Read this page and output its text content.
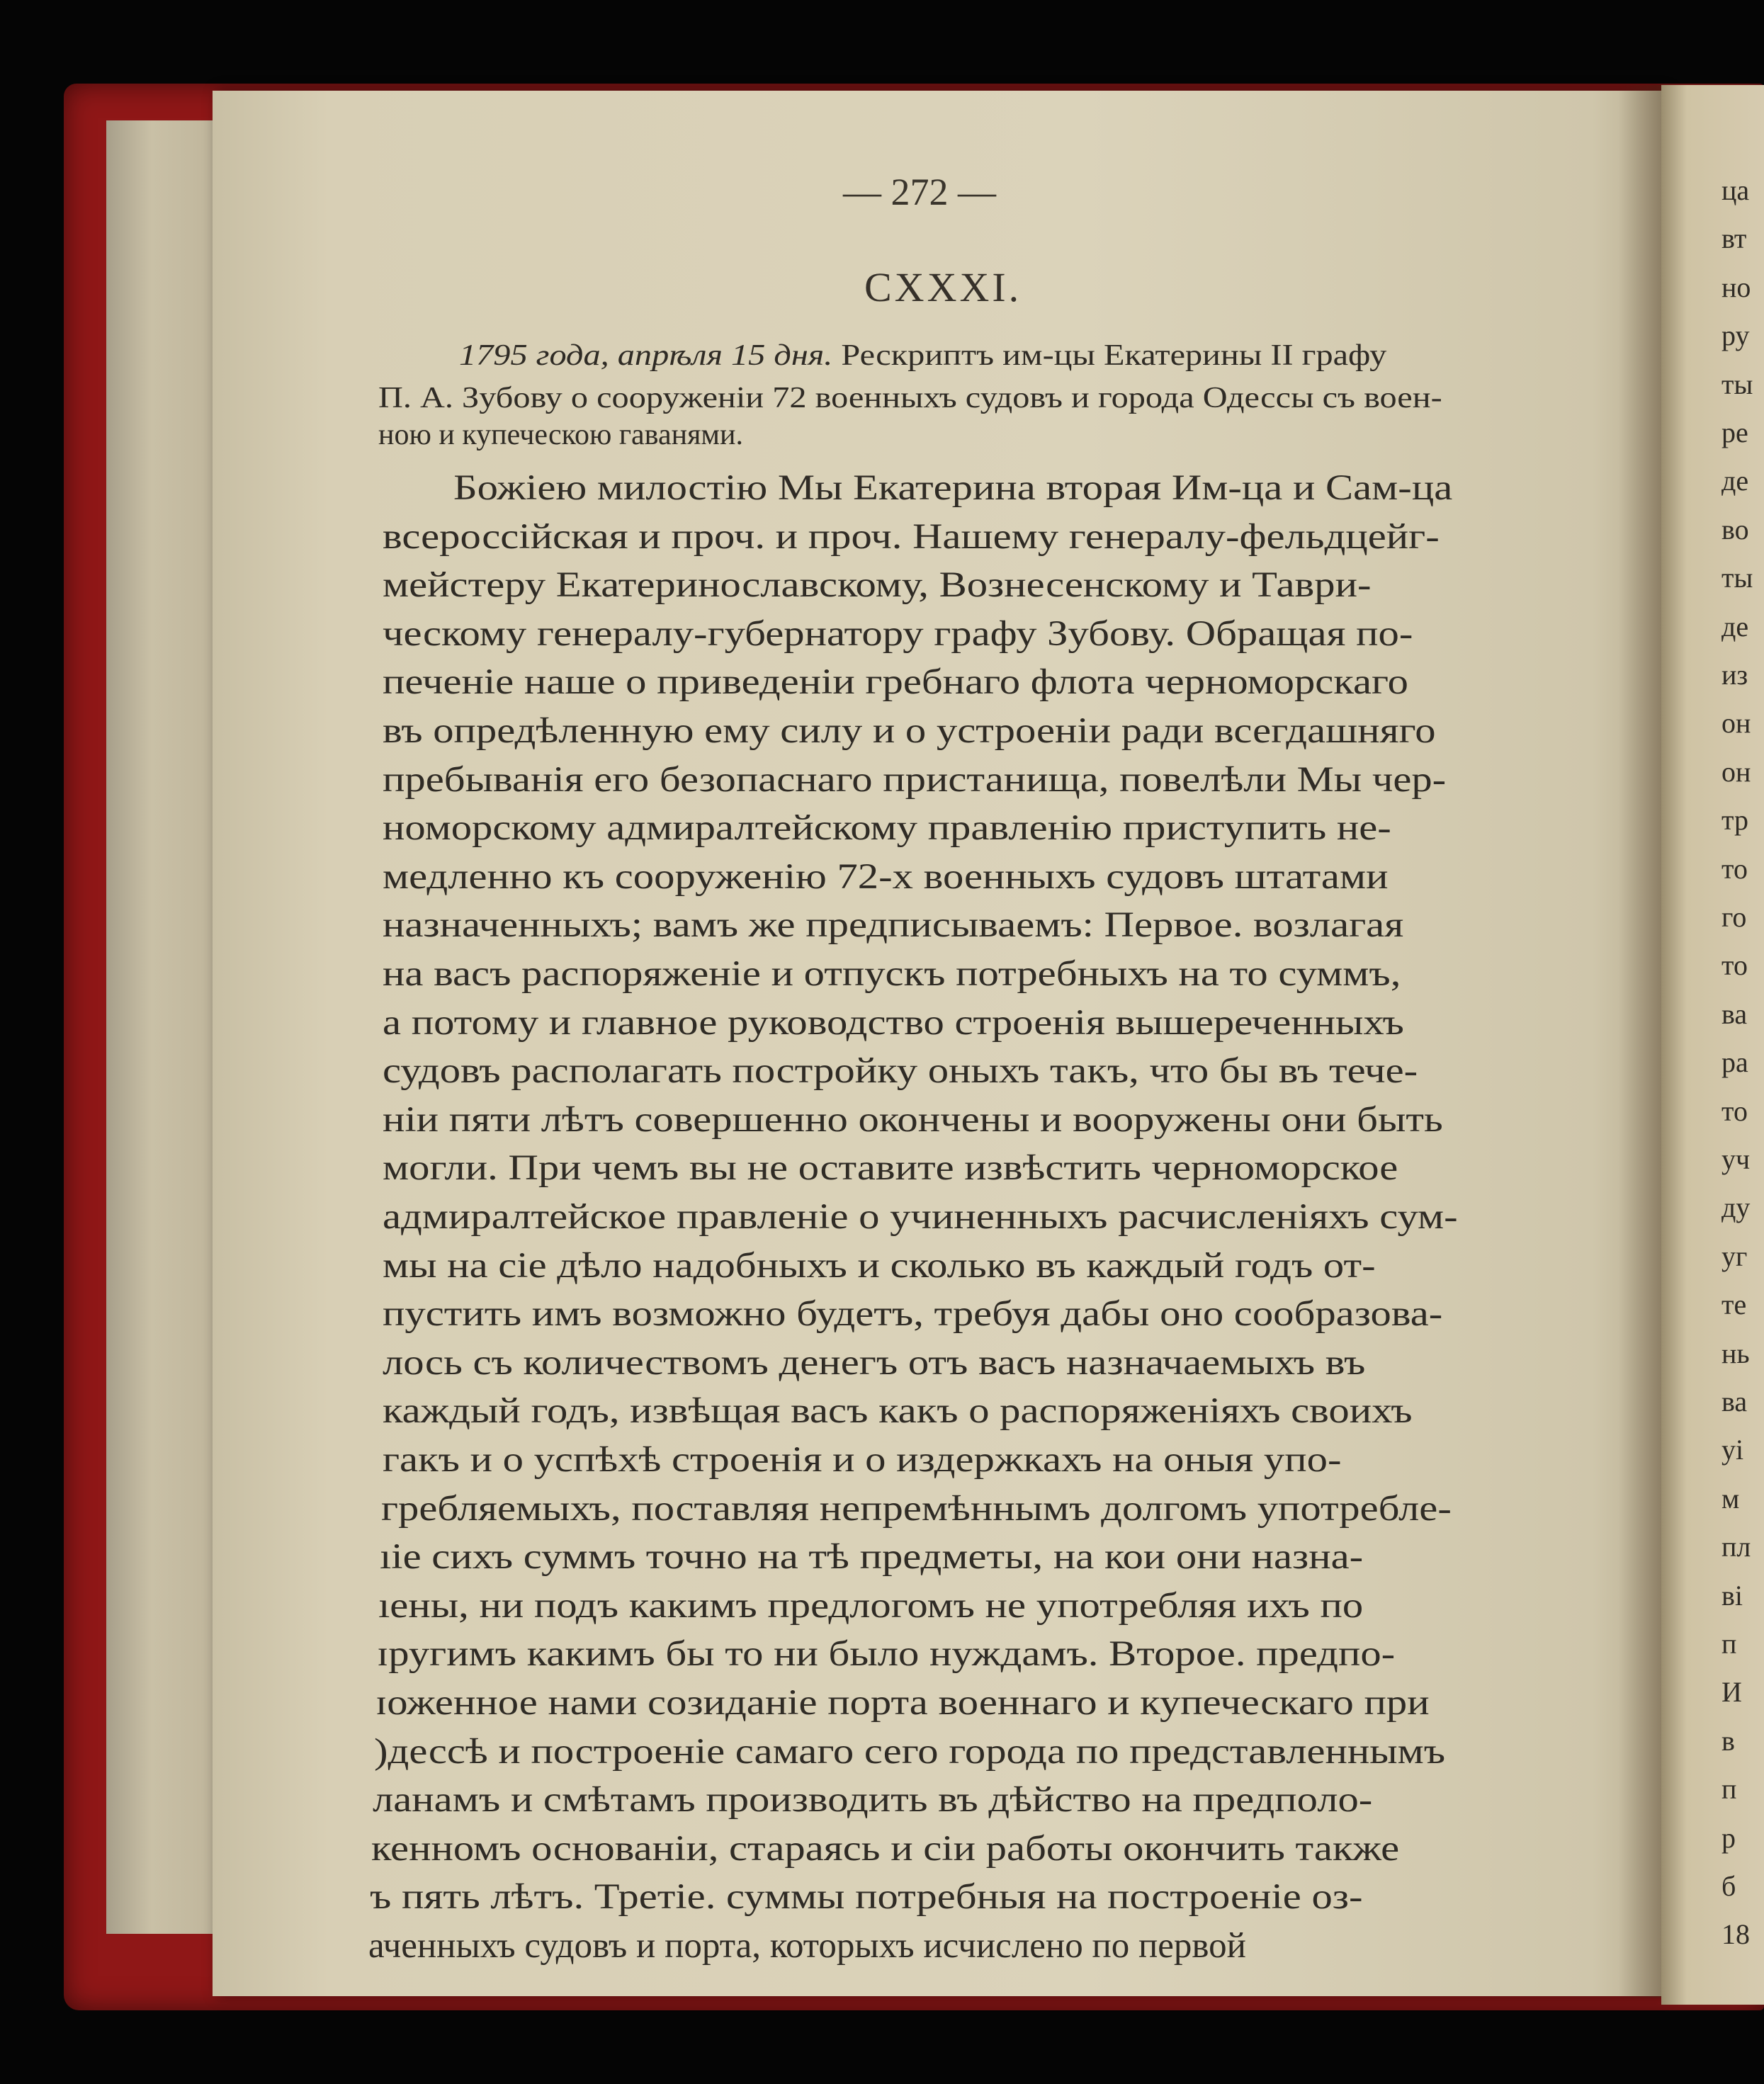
— 272 —
CXXXI.
1795 года, апрѣля 15 дня. Рескриптъ им-цы Екатерины II графу
П. А. Зубову о сооруженіи 72 военныхъ судовъ и города Одессы съ воен-
ною и купеческою гаванями.
Божіею милостію Мы Екатерина вторая Им-ца и Сам-ца
всероссійская и проч. и проч. Нашему генералу-фельдцейг-
мейстеру Екатеринославскому, Вознесенскому и Таври-
ческому генералу-губернатору графу Зубову. Обращая по-
печеніе наше о приведеніи гребнаго флота черноморскаго
въ опредѣленную ему силу и о устроеніи ради всегдашняго
пребыванія его безопаснаго пристанища, повелѣли Мы чер-
номорскому адмиралтейскому правленію приступить не-
медленно къ сооруженію 72-х военныхъ судовъ штатами
назначенныхъ; вамъ же предписываемъ: Первое. возлагая
на васъ распоряженіе и отпускъ потребныхъ на то суммъ,
а потому и главное руководство строенія вышереченныхъ
судовъ располагать постройку оныхъ такъ, что бы въ тече-
ніи пяти лѣтъ совершенно окончены и вооружены они быть
могли. При чемъ вы не оставите извѣстить черноморское
адмиралтейское правленіе о учиненныхъ расчисленіяхъ сум-
мы на сіе дѣло надобныхъ и сколько въ каждый годъ от-
пустить имъ возможно будетъ, требуя дабы оно сообразова-
лось съ количествомъ денегъ отъ васъ назначаемыхъ въ
каждый годъ, извѣщая васъ какъ о распоряженіяхъ своихъ
гакъ и о успѣхѣ строенія и о издержкахъ на оныя упо-
гребляемыхъ, поставляя непремѣннымъ долгомъ употребле-
ıіе сихъ суммъ точно на тѣ предметы, на кои они назна-
ıены, ни подъ какимъ предлогомъ не употребляя ихъ по
ɪругимъ какимъ бы то ни было нуждамъ. Второе. предпо-
ɪоженное нами созиданіе порта военнаго и купеческаго при
)дессѣ и построеніе самаго сего города по представленнымъ
ланамъ и смѣтамъ производить въ дѣйство на предполо-
кенномъ основаніи, стараясь и сіи работы окончить также
ъ пять лѣтъ. Третіе. суммы потребныя на построеніе оз-
аченныхъ судовъ и порта, которыхъ исчислено по первой
ца
вт
но
ру
ты
ре
де
во
ты
де
из
он
он
тр
то
го
то
ва
ра
то
уч
ду
уг
те
нь
ва
уі
м
пл
ві
п
И
в
п
р
б
18
